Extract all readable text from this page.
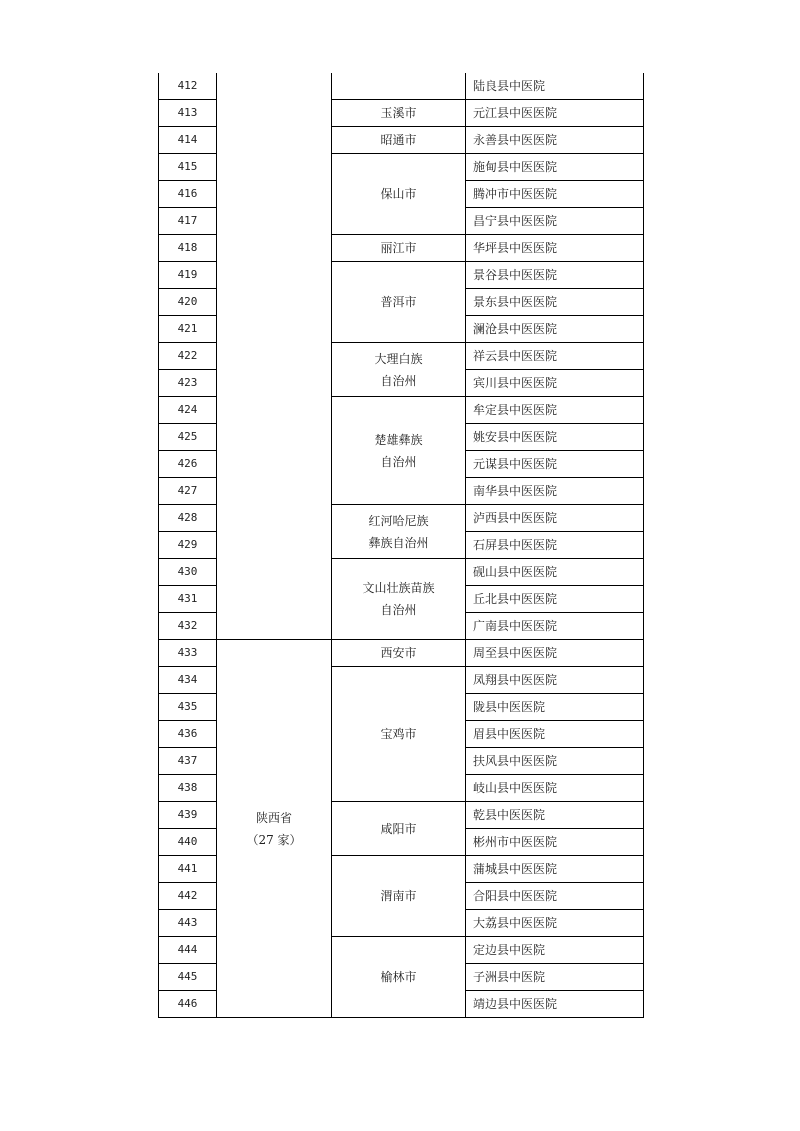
412			陆良县中医院
413		玉溪市	元江县中医医院
414		昭通市	永善县中医医院
415		保山市	施甸县中医医院
416			腾冲市中医医院
417			昌宁县中医医院
418		丽江市	华坪县中医医院
419		普洱市	景谷县中医医院
420			景东县中医医院
421			澜沧县中医医院
422		大理白族
自治州	祥云县中医医院
423			宾川县中医医院
424		楚雄彝族
自治州	牟定县中医医院
425			姚安县中医医院
426			元谋县中医医院
427			南华县中医医院
428		红河哈尼族
彝族自治州	泸西县中医医院
429			石屏县中医医院
430		文山壮族苗族
自治州	砚山县中医医院
431			丘北县中医医院
432			广南县中医医院
433	陕西省
（27 家）	西安市	周至县中医医院
434		宝鸡市	凤翔县中医医院
435			陇县中医医院
436			眉县中医医院
437			扶风县中医医院
438			岐山县中医医院
439		咸阳市	乾县中医医院
440			彬州市中医医院
441		渭南市	蒲城县中医医院
442			合阳县中医医院
443			大荔县中医医院
444		榆林市	定边县中医院
445			子洲县中医院
446			靖边县中医医院
